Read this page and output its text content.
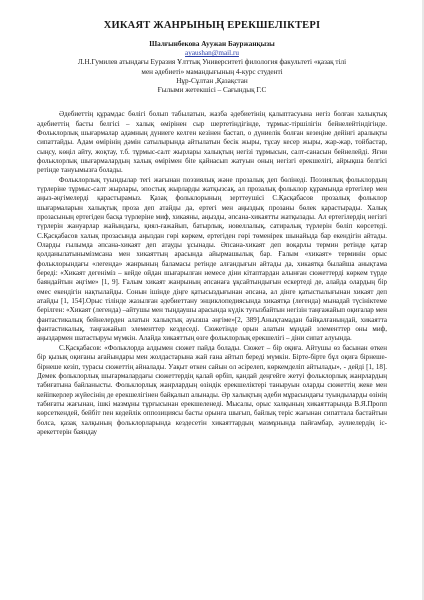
ХИКАЯТ ЖАНРЫНЫҢ ЕРЕКШЕЛІКТЕРІ
Шалғынбекова Ауужан Бауржанқызы
ayaushan@mail.ru
Л.Н.Гумилев атындағы Еуразия Ұлттық Университеті филология факультеті «қазақ тілі
мен әдебиеті» мамандығының 4-курс студенті
Нұр-Сұлтан ,Қазақстан
Ғылыми жетекшісі – Сағындық Г.С

Әдебиеттің құрамдас бөлігі болып табылатын, жазба әдебиетінің қалыптасуына негіз болған халықтық әдебиеттің басты белгісі – халық өмірінен сыр шертетіндігінде, тұрмыс-тіршілігін бейнелейтіндігінде. Фольклорлық шығармалар адамның дүниеге келген кезінен бастап, о дүниелік болған кезеңіне дейінгі аралықты сипаттайды. Адам өмірінің дәмін сатылырында айтылатын бесік жыры, тұсау кесер жыры, жар-жар, тойбастар, сыңсу, көңіл айту, жоқтау, т.б. тұрмыс-салт жырлары халықтың негізі тұрмысын, салт-санасын бейнелейді. Яғни фольклорлық шығармалардың халық өмірімен бite қайнасып жатуын оның негізгі ерекшелігі, айрықша белгісі ретінде тануымызға болады.

Фольклорлық туындылар тегі жағынан поэзиялық және прозалық деп бөлінеді. Поэзиялық фольклордың түрлеріне тұрмыс-салт жырлары, эпостық жырларды жатқызсақ, ал прозалық фольклор құрамында ертегілер мен аңыз-әңгімелерді қарастырамыз. Қазақ фольклорының зерттеушісі С.Қасқабасов прозалық фольклор шығармаларын халықтық проза деп атайды да, ертегі мен аңыздық прозаны бөлек қарастырады. Халық прозасының ертегіден басқа түрлеріне миф, хикаяны, аңызды, әпсана-хикаятты жатқызады. Ал ертегілердің негізгі түрлерін жануарлар жайындағы, қиял-ғажайып, батырлық, новеллалық, сатиралық түрлерін бөліп көрсетеді. С.Қасқабасов халық прозасында аңыздан гөрі көркем, ертегіден гөрі төменірек шынайыда бар екендігін айтады. Оларды ғылымда әпсана-хикаят деп атауды ұсынады. Әпсана-хикаят деп воқарлы термин ретінде қатар қолданылатынымізмсана мен хикаяттың арасында айырмашылық бар. Ғалым «хикаят» терминін орыс фольклорындағы «легенда» жанрының баламасы ретінде алғандығын айтады да, хикаятқа былайша анықтама береді: «Хикаят дегеніміз – кейде ойдан шығарылған немесе діни кітаптардан алынған сюжеттерді көркем түрде баяндайтын әңгіме» [1, 9]. Ғалым хикаят жанрының әпсанаға ұқсайтындығын ескертеді де, алайда олардың бір емес екендігін нақтылайды. Сонын ішінде діңге қатысыздығынан әпсана, ал дінге қатыстылығынан хикаят деп атайды [1, 154].Орыс тілінде жазылған әдебиеттану энциклопедиясында хикаятқа (легенда) мынадай түсініктеме берілген: «Хикаят (легенда) –айтушы мен тыңдаушы арасында күдік туғызбайтын негізін таңғажайып оқиғалар мен фантастикалық бейнелерден алатын халықтық ауызша әңгіме»[2, 389].Анықтамадан байқалғанындай, хикаятта фантастикалық, таңғажайып элементтер кездеседі. Сюжетінде орын алатын мұндай элементтер оны миф, аңыздармен шатастыруы мүмкін. Алайда хикаяттың өзге фольклорлық ерекшелігі – діни сипат алуында.

С.Қасқабасов: «Фольклорда алдымен сюжет пайда болады. Сюжет – бір оқиға. Айтушы өз басынан өткен бір қызық оқиғаны ағайындары мен жолдастарына жай ғана айтып береді мүмкін. Бірте-бірте бұл оқиға бірнеше-бірнеше кезіп, турасы сюжеттің айналады. Уақыт өткен сайын ол әсірелеп, көркемделіп айтылады», - дейді [1, 18]. Демек фольклорлық шығармалардағы сюжеттердің қалай өрбіп, қандай деңгейге жетуі фольклорлық жанрлардың табиғатына байланысты. Фольклорлық жанрлардың өзіндік ерекшеліктері таныруын оларды сюжеттің жеке мен кейіпкерлер жүйесінің де ерекшелігінен байқалып алынады. Әр халықтың әдеби мұрасындағы туындыларды өзінің табиғаты жағынан, ішкі мазмұны тұрғысынан ерекшеленеді. Мысалы, орыс халқының хикаяттарында В.Я.Пропп көрсеткендей, бейбіт пен кедейлік оппозициясы басты орынға шығып, байлық теріс жағынан сипаттала бастайтын болса, қазақ халқының фольклорларында кездесетін хикаяттардың мазмұнында пайғамбар, әулиелердің іс-әрекеттерін баяндау
